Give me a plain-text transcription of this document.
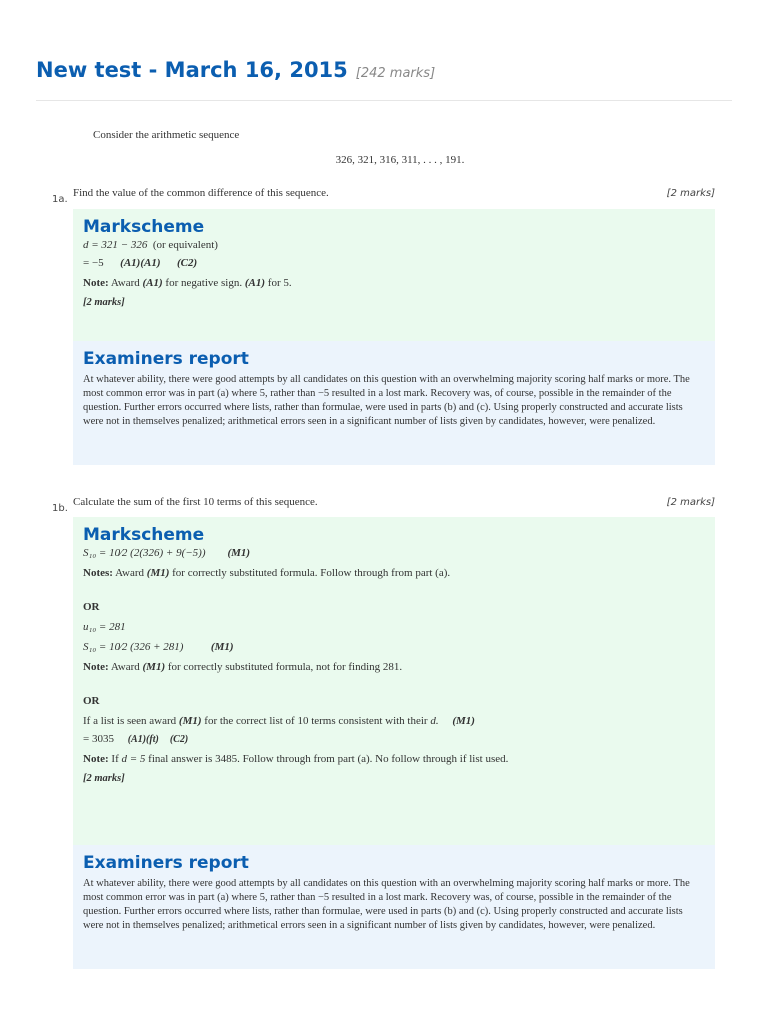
New test - March 16, 2015 [242 marks]
Consider the arithmetic sequence
326, 321, 316, 311, . . . , 191.
1a.
Find the value of the common difference of this sequence.	[2 marks]
Markscheme
d = 321 − 326 (or equivalent)
= −5 (A1)(A1) (C2)
Note: Award (A1) for negative sign. (A1) for 5.
[2 marks]
Examiners report
At whatever ability, there were good attempts by all candidates on this question with an overwhelming majority scoring half marks or more. The most common error was in part (a) where 5, rather than −5 resulted in a lost mark. Recovery was, of course, possible in the remainder of the question. Further errors occurred where lists, rather than formulae, were used in parts (b) and (c). Using properly constructed and accurate lists were not in themselves penalized; arithmetical errors seen in a significant number of lists given by candidates, however, were penalized.
1b.
Calculate the sum of the first 10 terms of this sequence.	[2 marks]
Markscheme
S₁₀ = 10⁄2 (2(326) + 9(−5)) (M1)
Notes: Award (M1) for correctly substituted formula. Follow through from part (a).
OR
u₁₀ = 281
S₁₀ = 10⁄2 (326 + 281)	(M1)
Note: Award (M1) for correctly substituted formula, not for finding 281.
OR
If a list is seen award (M1) for the correct list of 10 terms consistent with their d. (M1)
= 3035 (A1)(ft) (C2)
Note: If d = 5 final answer is 3485. Follow through from part (a). No follow through if list used.
[2 marks]
Examiners report
At whatever ability, there were good attempts by all candidates on this question with an overwhelming majority scoring half marks or more. The most common error was in part (a) where 5, rather than −5 resulted in a lost mark. Recovery was, of course, possible in the remainder of the question. Further errors occurred where lists, rather than formulae, were used in parts (b) and (c). Using properly constructed and accurate lists were not in themselves penalized; arithmetical errors seen in a significant number of lists given by candidates, however, were penalized.
